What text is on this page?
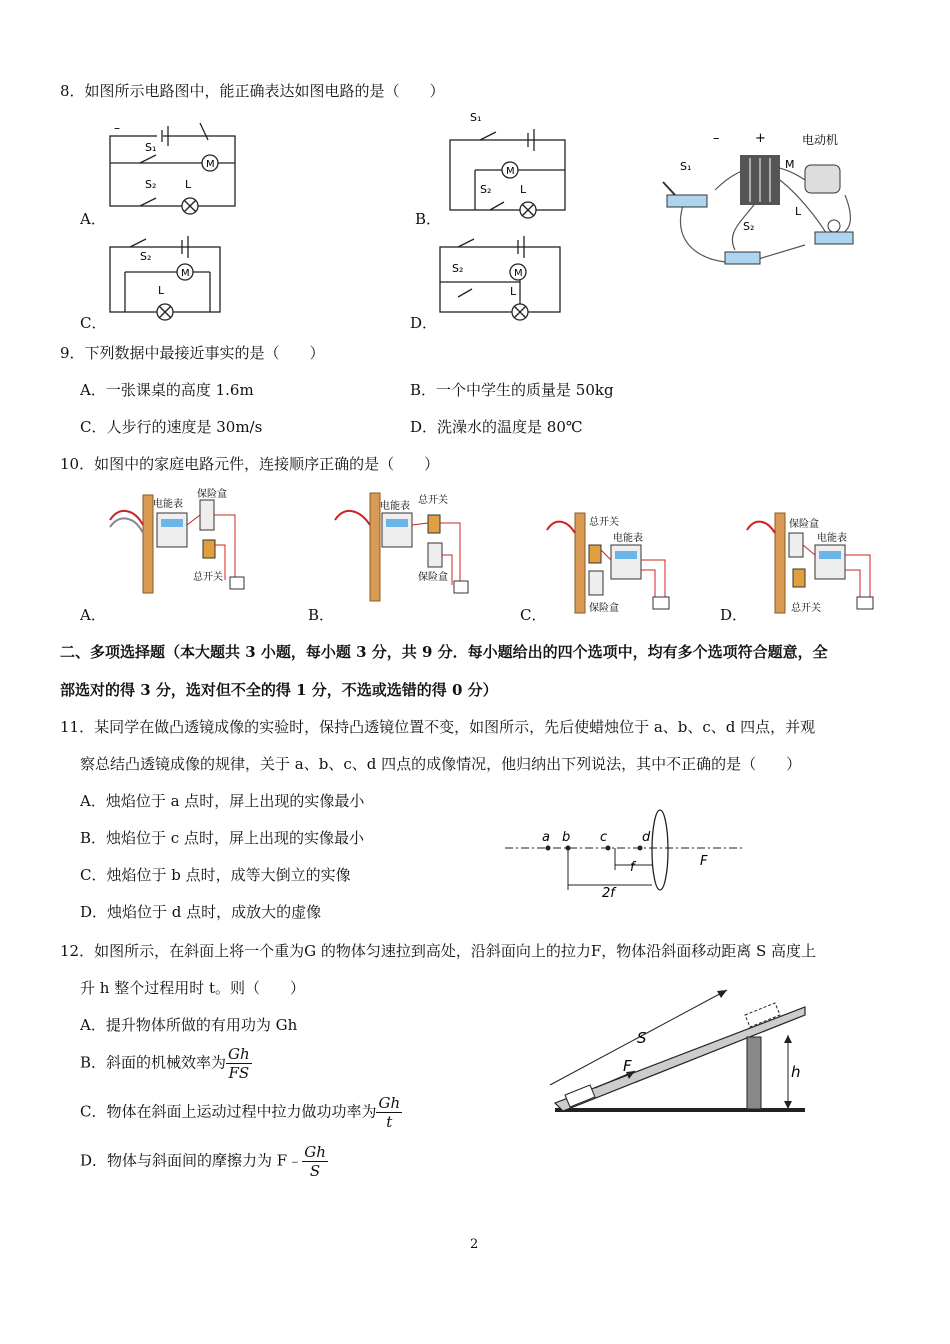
8．如图所示电路图中，能正确表达如图电路的是（　　）
M
S₁
S₂	L
–
A．
S₁
M
S₂	L
B．
–	+	电动机
M
S₁
S₂
L
S₂
M
L
C．
S₂	M
L
D．
9．下列数据中最接近事实的是（　　）
A．一张课桌的高度 1.6m	B．一个中学生的质量是 50kg
C．人步行的速度是 30m/s	D．洗澡水的温度是 80℃
10．如图中的家庭电路元件，连接顺序正确的是（　　）
电能表
保险盒
总开关
A．
电能表
总开关
保险盒
B．
总开关
电能表
保险盒
C．
保险盒
电能表
总开关
D．
二、多项选择题（本大题共 3 小题，每小题 3 分，共 9 分．每小题给出的四个选项中，均有多个选项符合题意，全
部选对的得 3 分，选对但不全的得 1 分，不选或选错的得 0 分）
11．某同学在做凸透镜成像的实验时，保持凸透镜位置不变，如图所示，先后使蜡烛位于 a、b、c、d 四点，并观
察总结凸透镜成像的规律，关于 a、b、c、d 四点的成像情况，他归纳出下列说法，其中不正确的是（　　）
A．烛焰位于 a 点时，屏上出现的实像最小
B．烛焰位于 c 点时，屏上出现的实像最小
C．烛焰位于 b 点时，成等大倒立的实像
D．烛焰位于 d 点时，成放大的虚像
a b c	d
f	F
2f
12．如图所示，在斜面上将一个重为G 的物体匀速拉到高处，沿斜面向上的拉力F，物体沿斜面移动距离 S 高度上
升 h 整个过程用时 t。则（　　）
A．提升物体所做的有用功为 Gh
B．斜面的机械效率为 $\frac{Gh}{FS}$
C．物体在斜面上运动过程中拉力做功功率为 $\frac{Gh}{t}$
D．物体与斜面间的摩擦力为 F﹣ $\frac{Gh}{S}$
S
F	h
2
